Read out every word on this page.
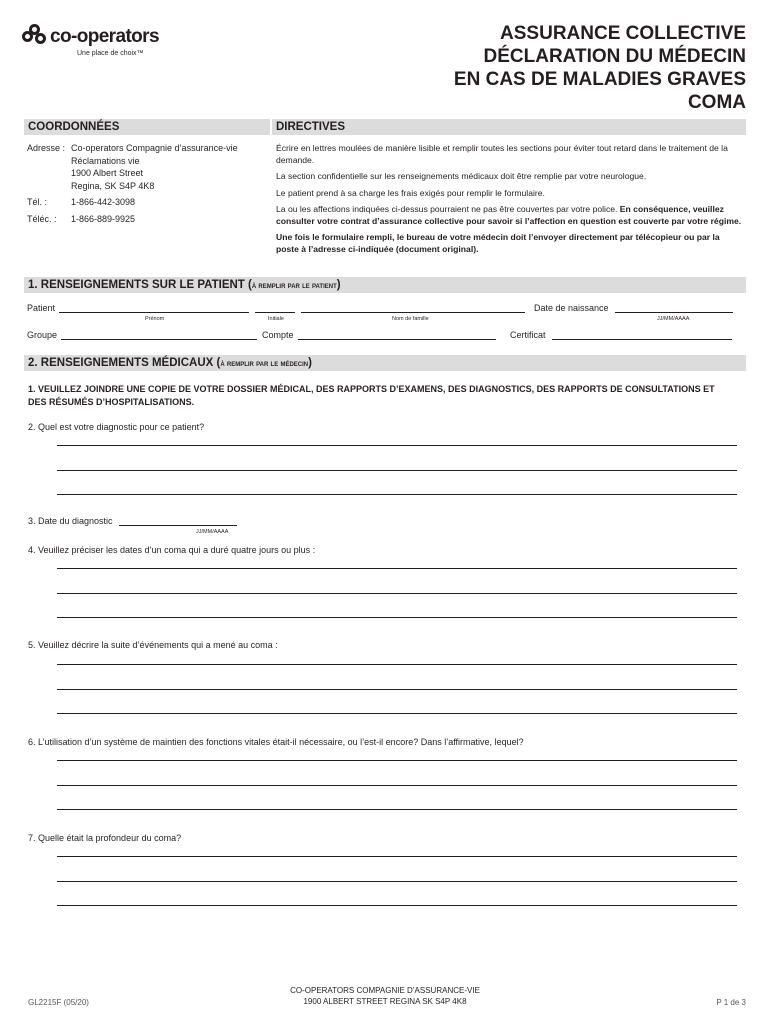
co-operators
Une place de choix™
ASSURANCE COLLECTIVE
DÉCLARATION DU MÉDECIN
EN CAS DE MALADIES GRAVES
COMA
COORDONNÉES	DIRECTIVES
Adresse : Co-operators Compagnie d’assurance-vie
Réclamations vie
1900 Albert Street
Regina, SK S4P 4K8
Tél. :	1-866-442-3098
Téléc. :	1-866-889-9925

Écrire en lettres moulées de manière lisible et remplir toutes les sections pour éviter tout retard dans le traitement de la demande.

La section confidentielle sur les renseignements médicaux doit être remplie par votre neurologue.

Le patient prend à sa charge les frais exigés pour remplir le formulaire.

La ou les affections indiquées ci-dessus pourraient ne pas être couvertes par votre police. En conséquence, veuillez consulter votre contrat d’assurance collective pour savoir si l’affection en question est couverte par votre régime.

Une fois le formulaire rempli, le bureau de votre médecin doit l’envoyer directement par télécopieur ou par la poste à l’adresse ci-indiquée (document original).

1. RENSEIGNEMENTS SUR LE PATIENT (à remplir par le patient)
Patient
Prénom	Initiale	Nom de famille
Date de naissance
JJ/MM/AAAA
Groupe	Compte	Certificat
2. RENSEIGNEMENTS MÉDICAUX (à remplir par le médecin)
1. VEUILLEZ JOINDRE UNE COPIE DE VOTRE DOSSIER MÉDICAL, DES RAPPORTS D’EXAMENS, DES DIAGNOSTICS, DES RAPPORTS DE CONSULTATIONS ET DES RÉSUMÉS D’HOSPITALISATIONS.
2. Quel est votre diagnostic pour ce patient?
3. Date du diagnostic
JJ/MM/AAAA
4. Veuillez préciser les dates d’un coma qui a duré quatre jours ou plus :
5. Veuillez décrire la suite d’événements qui a mené au coma :
6. L’utilisation d’un système de maintien des fonctions vitales était-il nécessaire, ou l’est-il encore? Dans l’affirmative, lequel?
7. Quelle était la profondeur du coma?
GL2215F (05/20)
CO-OPERATORS COMPAGNIE D’ASSURANCE-VIE
1900 ALBERT STREET REGINA SK S4P 4K8	P 1 de 3
